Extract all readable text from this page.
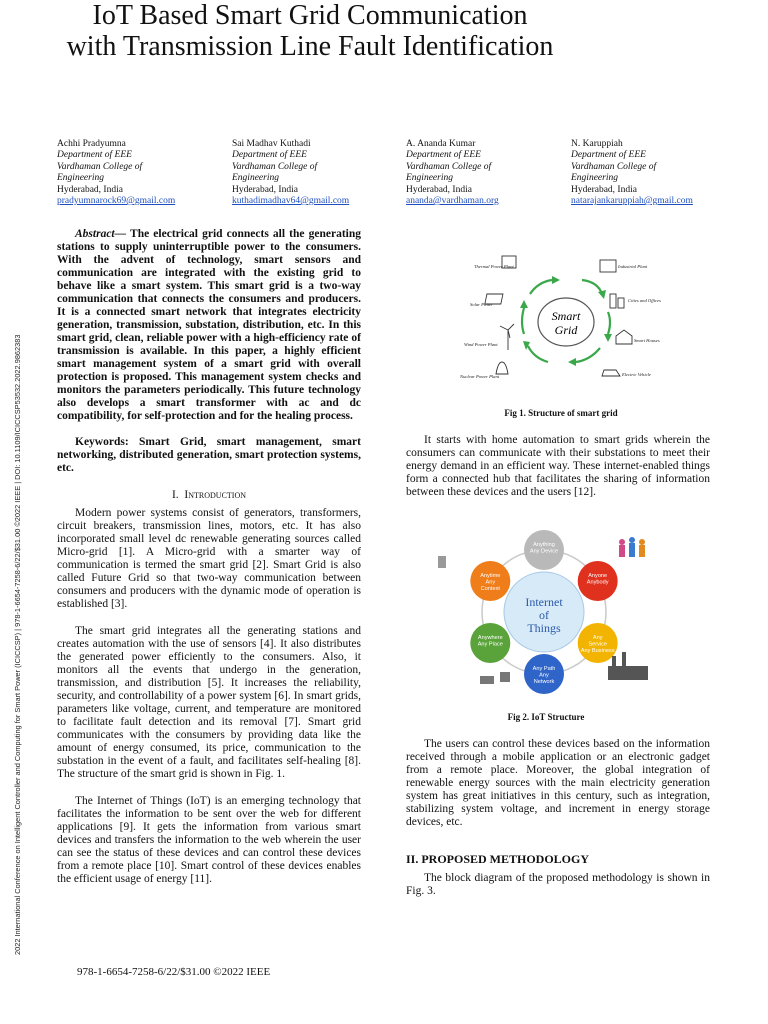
IoT Based Smart Grid Communication
with Transmission Line Fault Identification
Achhi Pradyumna
Department of EEE
Vardhaman College of
Engineering
Hyderabad, India
pradyumnarock69@gmail.com
Sai Madhav Kuthadi
Department of EEE
Vardhaman College of
Engineering
Hyderabad, India
kuthadimadhav64@gmail.com
A. Ananda Kumar
Department of EEE
Vardhaman College of
Engineering
Hyderabad, India
ananda@vardhaman.org
N. Karuppiah
Department of EEE
Vardhaman College of
Engineering
Hyderabad, India
natarajankaruppiah@gmail.com
2022 International Conference on Intelligent Controller and Computing for Smart Power (ICICCSP) | 978-1-6654-7258-6/22/$31.00 ©2022 IEEE | DOI: 10.1109/ICICCSP53532.2022.9862383

Abstract— The electrical grid connects all the generating stations to supply uninterruptible power to the consumers. With the advent of technology, smart sensors and communication are integrated with the existing grid to behave like a smart system. This smart grid is a two-way communication that connects the consumers and producers. It is a connected smart network that integrates electricity generation, transmission, substation, distribution, etc. In this smart grid, clean, reliable power with a high-efficiency rate of transmission is available. In this paper, a highly efficient smart management system of a smart grid with overall protection is proposed. This management system checks and monitors the parameters periodically. This future technology also develops a smart transformer with ac and dc compatibility, for self-protection and for the healing process.

Keywords: Smart Grid, smart management, smart networking, distributed generation, smart protection systems, etc.

I. Introduction

Modern power systems consist of generators, transformers, circuit breakers, transmission lines, motors, etc. It has also incorporated small level dc renewable generating sources called Micro-grid [1]. A Micro-grid with a smarter way of communication is termed the smart grid [2]. Smart Grid is also called Future Grid so that two-way communication between consumers and producers with the dynamic mode of operation is established [3].

The smart grid integrates all the generating stations and creates automation with the use of sensors [4]. It also distributes the generated power efficiently to the consumers. Also, it monitors all the events that undergo in the generation, transmission, and distribution [5]. It increases the reliability, security, and controllability of a power system [6]. In smart grids, parameters like voltage, current, and temperature are monitored to facilitate fault detection and its removal [7]. Smart grid communicates with the consumers by providing data like the amount of energy consumed, its price, communication to the substation in the event of a fault, and facilitates self-healing [8]. The structure of the smart grid is shown in Fig. 1.

The Internet of Things (IoT) is an emerging technology that facilitates the information to be sent over the web for different applications [9]. It gets the information from various smart devices and transfers the information to the web wherein the user can see the status of these devices and can control these devices from a remote place [10]. Smart control of these devices enables the efficient usage of energy [11].

Smart
Grid
Thermal Power Plant
Solar Power
Wind Power Plant
Nuclear Power Plant
Industrial Plant
Cities and Offices
Smart Houses
Electric Vehicle
Fig 1. Structure of smart grid

It starts with home automation to smart grids wherein the consumers can communicate with their substations to meet their energy demand in an efficient way. These internet-enabled things form a connected hub that facilitates the sharing of information between these devices and the users [12].

Internet
of
Things
Anything
Any Device
Anyone
Anybody
Any
Service
Any Business
Any Path
Any
Network
Anywhere
Any Place
Anytime
Any
Context
Fig 2. IoT Structure

The users can control these devices based on the information received through a mobile application or an electronic gadget from a remote place. Moreover, the global integration of renewable energy sources with the main electricity generation system has great initiatives in this century, such as integration, stabilizing system voltage, and increment in energy storage devices, etc.

II. PROPOSED METHODOLOGY

The block diagram of the proposed methodology is shown in Fig. 3.

978-1-6654-7258-6/22/$31.00 ©2022 IEEE
